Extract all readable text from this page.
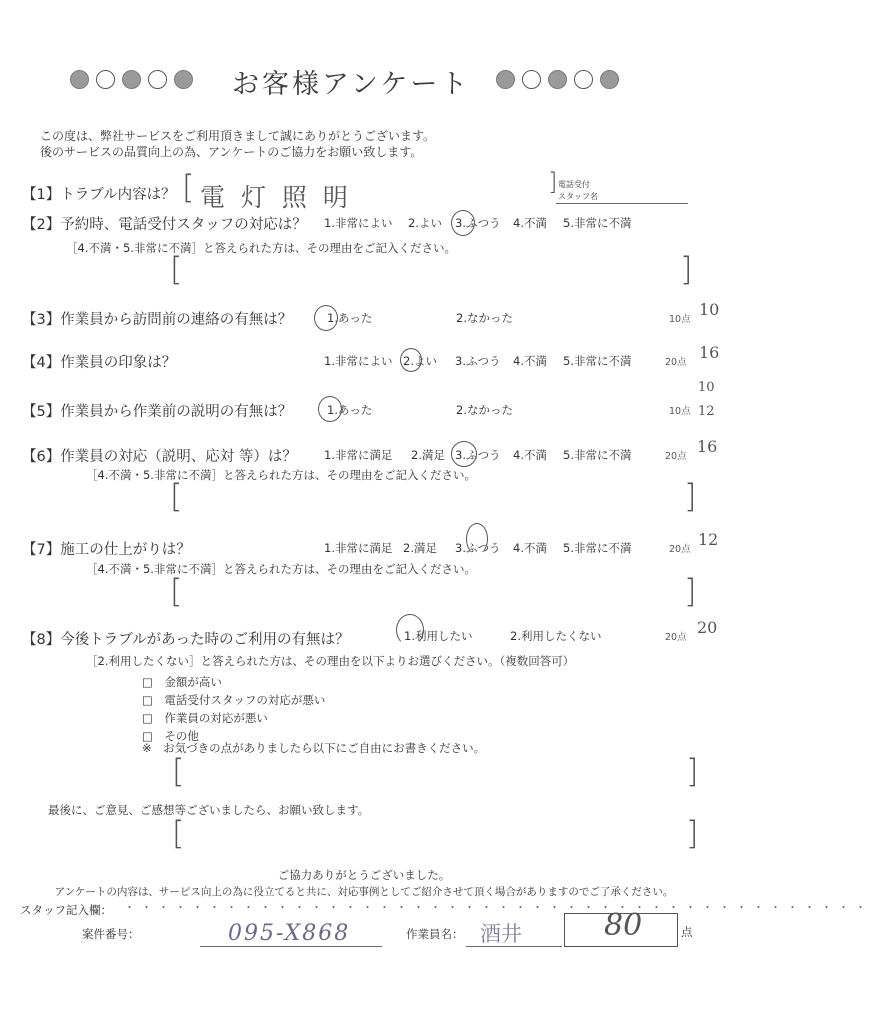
お客様アンケート
この度は、弊社サービスをご利用頂きまして誠にありがとうございます。
後のサービスの品質向上の為、アンケートのご協力をお願い致します。
【1】トラブル内容は？ [ 電 灯 照 明
] 電話受付
スタッフ名
【2】予約時、電話受付スタッフの対応は？ 1.非常によい 2.よい 3.ふつう 4.不満 5.非常に不満
［4.不満・5.非常に不満］と答えられた方は、その理由をご記入ください。
[	]
【3】作業員から訪問前の連絡の有無は？	1.あった	2.なかった	10点
10
【4】作業員の印象は？	1.非常によい 2.よい 3.ふつう 4.不満 5.非常に不満	20点
16
【5】作業員から作業前の説明の有無は？	1.あった	2.なかった	10点
10
12
【6】作業員の対応（説明、応対 等）は？ 1.非常に満足 2.満足 3.ふつう 4.不満 5.非常に不満	20点
16
［4.不満・5.非常に不満］と答えられた方は、その理由をご記入ください。
[	]
【7】施工の仕上がりは？	1.非常に満足 2.満足 3.ふつう 4.不満 5.非常に不満	20点
12
［4.不満・5.非常に不満］と答えられた方は、その理由をご記入ください。
[	]
【8】今後トラブルがあった時のご利用の有無は？	1.利用したい	2.利用したくない	20点
20
［2.利用したくない］と答えられた方は、その理由を以下よりお選びください。（複数回答可）
□　金額が高い
□　電話受付スタッフの対応が悪い
□　作業員の対応が悪い
□　その他
※　お気づきの点がありましたら以下にご自由にお書きください。
[	]
最後に、ご意見、ご感想等ございましたら、お願い致します。
[	]
ご協力ありがとうございました。
アンケートの内容は、サービス向上の為に役立てると共に、対応事例としてご紹介させて頂く場合がありますのでご了承ください。
スタッフ記入欄： ・・・・・・・・・・・・・・・・・・・・・・・・・・・・・・・・・・・・・・・・・・・・
案件番号：	095-X868	作業員名： 酒井	80	点
